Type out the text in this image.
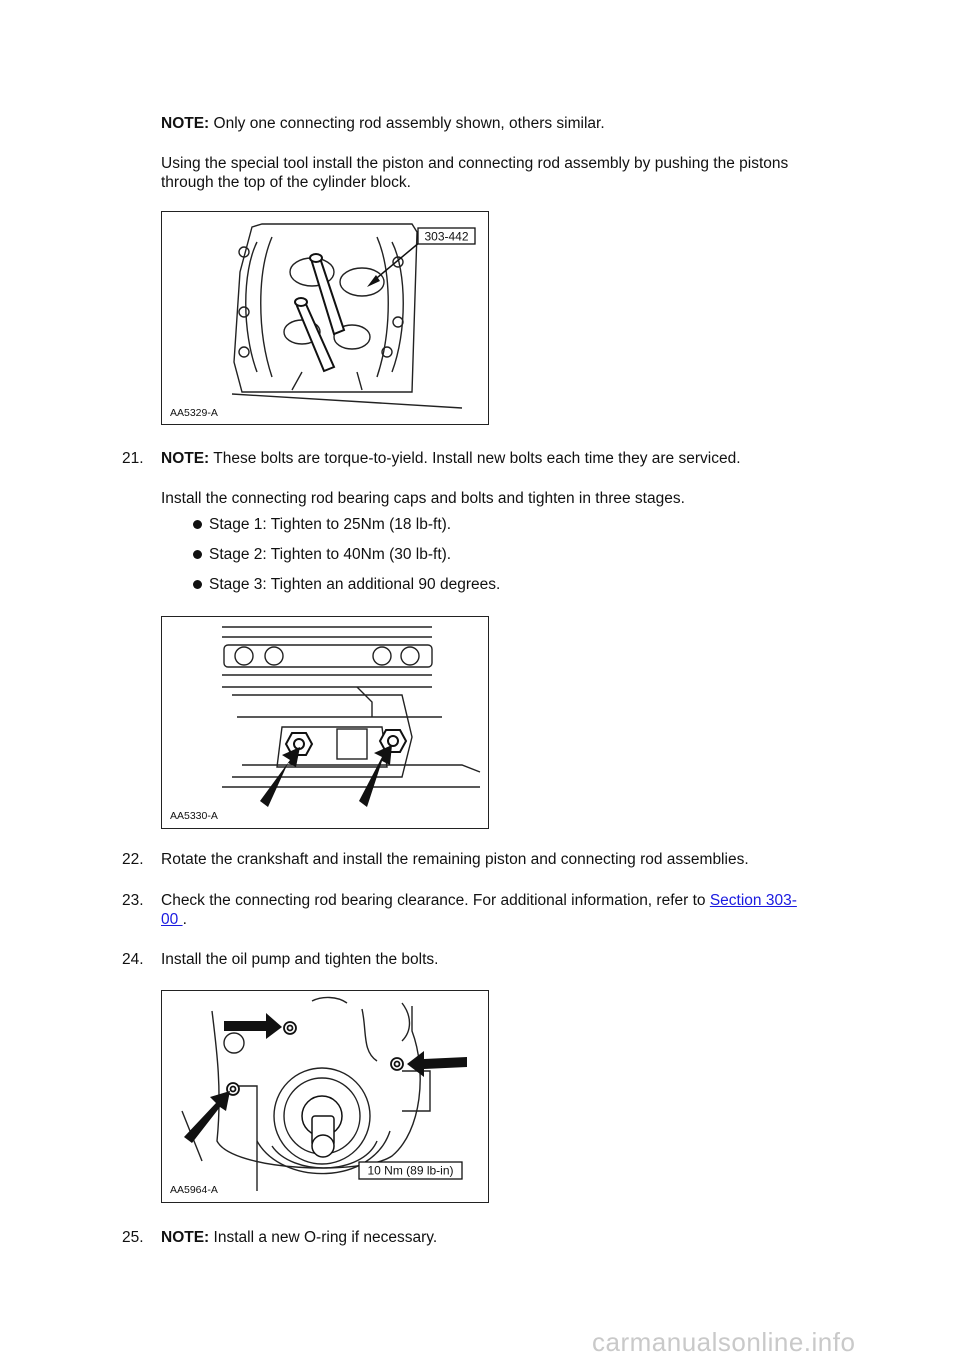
NOTE: Only one connecting rod assembly shown, others similar.
Using the special tool install the piston and connecting rod assembly by pushing the pistons
through the top of the cylinder block.
303-442
AA5329-A
21. NOTE: These bolts are torque-to-yield. Install new bolts each time they are serviced.
Install the connecting rod bearing caps and bolts and tighten in three stages.
Stage 1: Tighten to 25Nm (18 lb-ft).
Stage 2: Tighten to 40Nm (30 lb-ft).
Stage 3: Tighten an additional 90 degrees.
AA5330-A
22. Rotate the crankshaft and install the remaining piston and connecting rod assemblies.
23. Check the connecting rod bearing clearance. For additional information, refer to Section 303-
00 .
24. Install the oil pump and tighten the bolts.
10 Nm (89 lb-in)
AA5964-A
25. NOTE: Install a new O-ring if necessary.
carmanualsonline.info
